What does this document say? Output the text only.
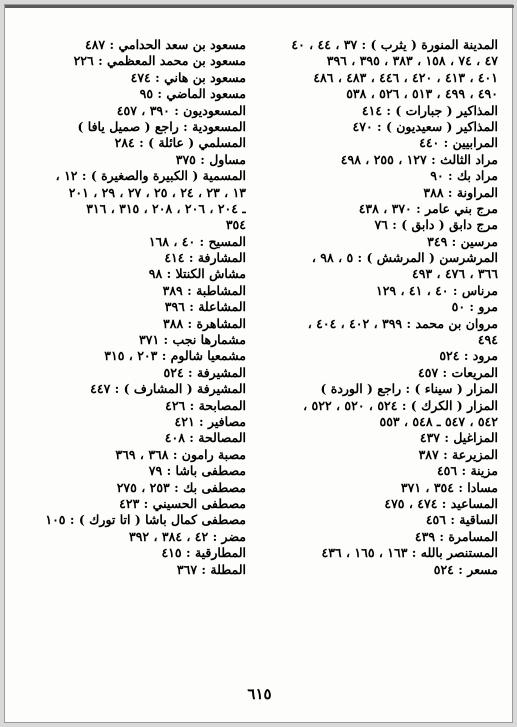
المدينة المنورة ( يثرب ) : ٣٧ ، ٤٤ ، ٤٠
٤٧ ، ٧٤ ، ١٥٨ ، ٣٨٣ ، ٣٩٥ ، ٣٩٦
٤٠١ ، ٤١٣ ، ٤٢٠ ، ٤٤٦ ، ٤٨٣ ، ٤٨٦
٤٩٠ ، ٤٩٩ ، ٥١٣ ، ٥٢٦ ، ٥٣٨
المذاكير ( جبارات ) : ٤١٤
المذاكير ( سعيديون ) : ٤٧٠
المرابيين : ٤٤٠
مراد الثالث : ١٢٧ ، ٢٥٥ ، ٤٩٨
مراد بك : ٩٠
المراونة : ٣٨٨
مرج بني عامر : ٣٧٠ ، ٤٣٨
مرج دابق ( دابق ) : ٧٦
مرسين : ٣٤٩
المرشرسن ( المرشش ) : ٥ ، ٩٨ ،
٣٦٦ ، ٤٧٦ ، ٤٩٣
مرناس : ٤٠ ، ٤١ ، ١٢٩
مرو : ٥٠
مروان بن محمد : ٣٩٩ ، ٤٠٢ ، ٤٠٤ ،
٤٩٤
مرود : ٥٢٤
المريعات : ٤٥٧
المزار ( سيناء ) : راجع ( الوردة )
المزار ( الكرك ) : ٥٢٤ ، ٥٢٠ ، ٥٢٢ ،
٥٤٢ ، ٥٤٧ ـ ٥٤٨ ، ٥٥٣
المزاغيل : ٤٣٧
المزيرعة : ٣٨٧
مزينة : ٤٥٦
مسادا : ٣٥٤ ، ٣٧١
المساعيد : ٤٧٤ ، ٤٧٥
الساقية : ٤٥٦
المسامرة : ٤٣٩
المستنصر بالله : ١٦٣ ، ١٦٥ ، ٤٣٦
مسعر : ٥٢٤
مسعود بن سعد الحدامي : ٤٨٧
مسعود بن محمد المعظمي : ٢٢٦
مسعود بن هاني : ٤٧٤
مسعود الماضي : ٩٥
المسعوديون : ٣٩٠ ، ٤٥٧
المسعودية : راجع ( صميل يافا )
المسلمي ( عائلة ) : ٢٨٤
مساول : ٣٧٥
المسمية ( الكبيرة والصغيرة ) : ١٢ ،
١٣ ، ٢٣ ، ٢٤ ، ٢٥ ، ٢٧ ، ٢٩ ، ٢٠١
ـ ٢٠٤ ، ٢٠٦ ، ٢٠٨ ، ٣١٥ ، ٣١٦
٣٥٤
المسيح : ٤٠ ، ١٦٨
المشارفة : ٤١٤
مشاش الكنتلا : ٩٨
المشاطبة : ٣٨٩
المشاعلة : ٣٩٦
المشاهرة : ٣٨٨
مشمارها نجب : ٣٧١
مشمعيا شالوم : ٢٠٣ ، ٣١٥
المشيرفة : ٥٢٤
المشيرفة ( المشارف ) : ٤٤٧
المصابحة : ٤٢٦
مصافير : ٤٢١
المصالحة : ٤٠٨
مصبة رامون : ٣٦٨ ، ٣٦٩
مصطفى باشا : ٧٩
مصطفى بك : ٢٥٣ ، ٢٧٥
مصطفى الحسيني : ٤٢٣
مصطفى كمال باشا ( اتا تورك ) : ١٠٥
مضر : ٤٢ ، ٣٨٤ ، ٣٩٢
المطارقية : ٤١٥
المطلة : ٣٦٧
٦١٥
